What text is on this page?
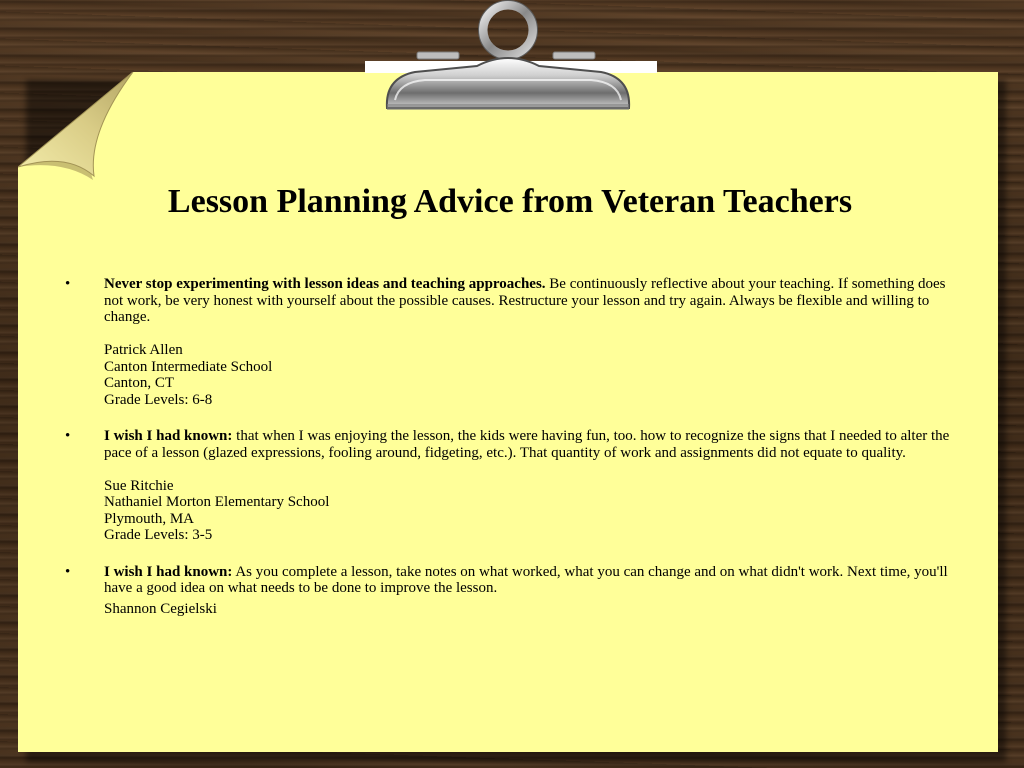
Lesson Planning Advice from Veteran Teachers
• Never stop experimenting with lesson ideas and teaching approaches. Be continuously reflective about your teaching. If something does not work, be very honest with yourself about the possible causes. Restructure your lesson and try again. Always be flexible and willing to change.

Patrick Allen

Canton Intermediate School

Canton, CT

Grade Levels: 6-8

• I wish I had known: that when I was enjoying the lesson, the kids were having fun, too. how to recognize the signs that I needed to alter the pace of a lesson (glazed expressions, fooling around, fidgeting, etc.). That quantity of work and assignments did not equate to quality.

Sue Ritchie

Nathaniel Morton Elementary School

Plymouth, MA

Grade Levels: 3-5

• I wish I had known: As you complete a lesson, take notes on what worked, what you can change and on what didn't work. Next time, you'll have a good idea on what needs to be done to improve the lesson.

Shannon Cegielski
